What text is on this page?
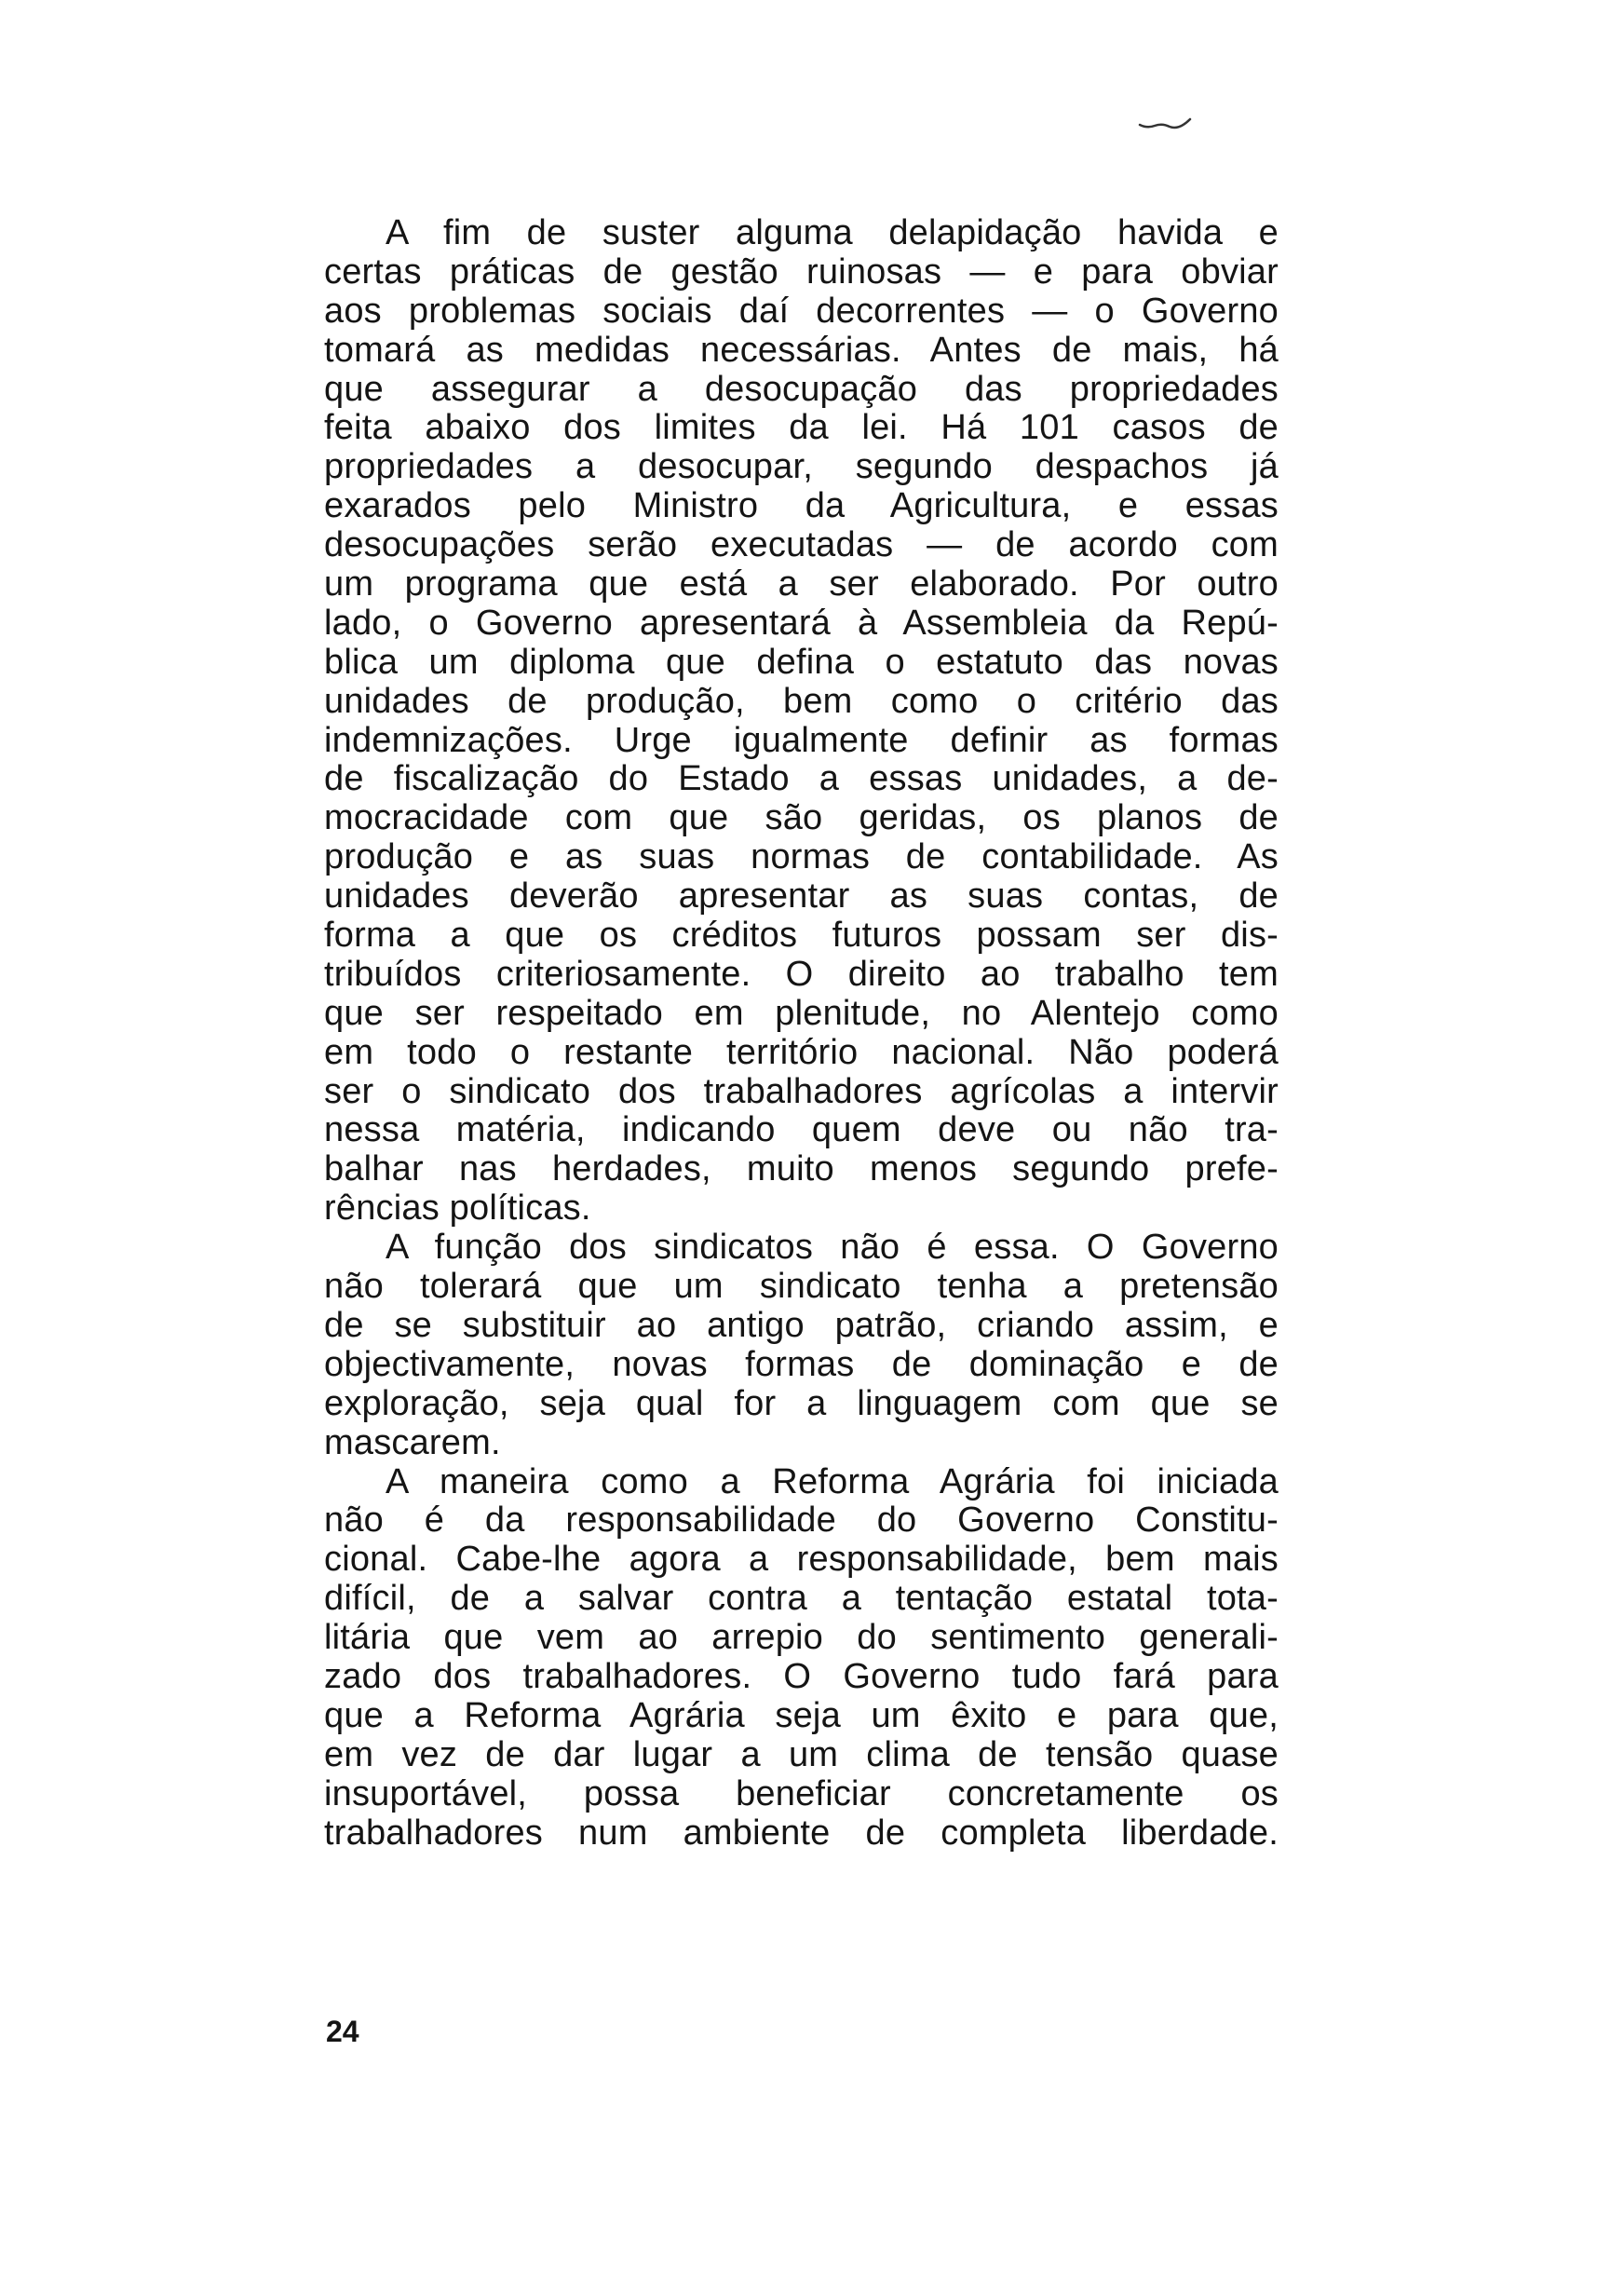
A fim de suster alguma delapidação havida e
certas práticas de gestão ruinosas — e para obviar
aos problemas sociais daí decorrentes — o Governo
tomará as medidas necessárias. Antes de mais, há
que assegurar a desocupação das propriedades
feita abaixo dos limites da lei. Há 101 casos de
propriedades a desocupar, segundo despachos já
exarados pelo Ministro da Agricultura, e essas
desocupações serão executadas — de acordo com
um programa que está a ser elaborado. Por outro
lado, o Governo apresentará à Assembleia da Repú-
blica um diploma que defina o estatuto das novas
unidades de produção, bem como o critério das
indemnizações. Urge igualmente definir as formas
de fiscalização do Estado a essas unidades, a de-
mocracidade com que são geridas, os planos de
produção e as suas normas de contabilidade. As
unidades deverão apresentar as suas contas, de
forma a que os créditos futuros possam ser dis-
tribuídos criteriosamente. O direito ao trabalho tem
que ser respeitado em plenitude, no Alentejo como
em todo o restante território nacional. Não poderá
ser o sindicato dos trabalhadores agrícolas a intervir
nessa matéria, indicando quem deve ou não tra-
balhar nas herdades, muito menos segundo prefe-
rências políticas.
A função dos sindicatos não é essa. O Governo
não tolerará que um sindicato tenha a pretensão
de se substituir ao antigo patrão, criando assim, e
objectivamente, novas formas de dominação e de
exploração, seja qual for a linguagem com que se
mascarem.
A maneira como a Reforma Agrária foi iniciada
não é da responsabilidade do Governo Constitu-
cional. Cabe-lhe agora a responsabilidade, bem mais
difícil, de a salvar contra a tentação estatal tota-
litária que vem ao arrepio do sentimento generali-
zado dos trabalhadores. O Governo tudo fará para
que a Reforma Agrária seja um êxito e para que,
em vez de dar lugar a um clima de tensão quase
insuportável, possa beneficiar concretamente os
trabalhadores num ambiente de completa liberdade.
24
